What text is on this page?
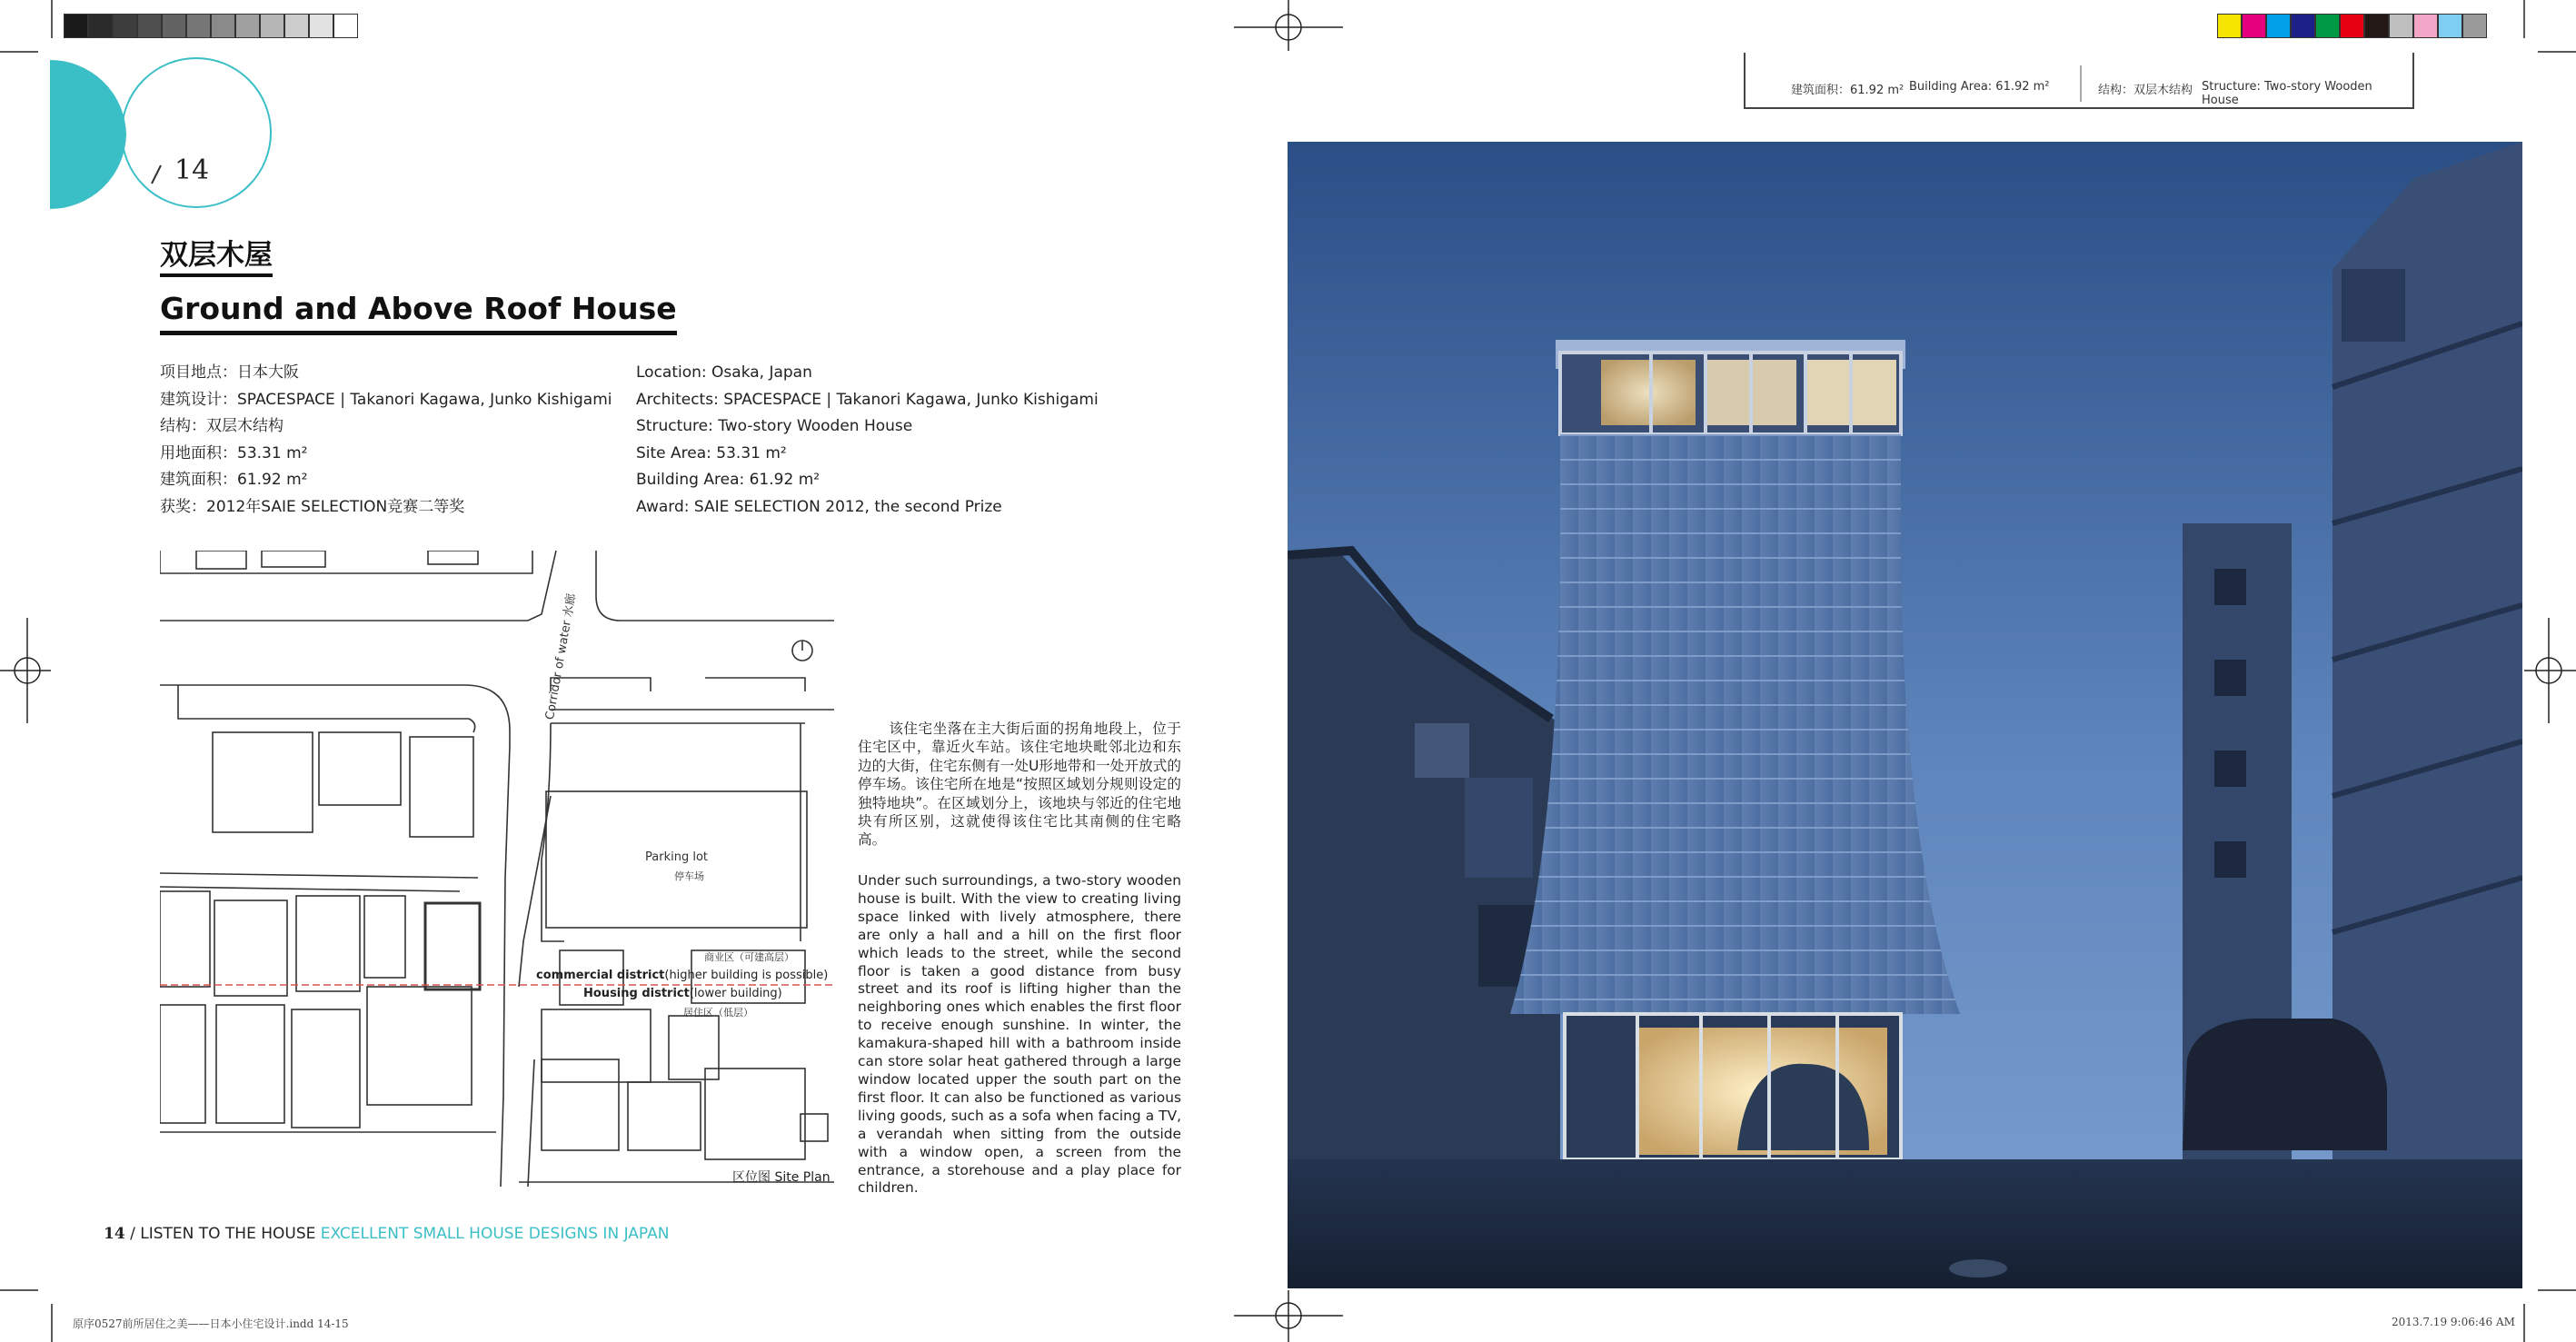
14
双层木屋
Ground and Above Roof House
项目地点：日本大阪	Location: Osaka, Japan
建筑设计：SPACESPACE | Takanori Kagawa, Junko Kishigami	Architects: SPACESPACE | Takanori Kagawa, Junko Kishigami
结构：双层木结构	Structure: Two-story Wooden House
用地面积：53.31 m²	Site Area: 53.31 m²
建筑面积：61.92 m²	Building Area: 61.92 m²
获奖：2012年SAIE SELECTION竞赛二等奖	Award: SAIE SELECTION 2012, the second Prize
Corridor of water 水廊
Parking lot
停车场
商业区（可建高层）
commercial district(higher building is possible)
Housing district(lower building)
居住区（低层）
区位图 Site Plan
该住宅坐落在主大街后面的拐角地段上，位于住宅区中，靠近火车站。该住宅地块毗邻北边和东边的大街，住宅东侧有一处U形地带和一处开放式的停车场。该住宅所在地是“按照区域划分规则设定的独特地块”。在区域划分上，该地块与邻近的住宅地块有所区别，这就使得该住宅比其南侧的住宅略高。
Under such surroundings, a two-story wooden house is built. With the view to creating living space linked with lively atmosphere, there are only a hall and a hill on the first floor which leads to the street, while the second floor is taken a good distance from busy street and its roof is lifting higher than the neighboring ones which enables the first floor to receive enough sunshine. In winter, the kamakura-shaped hill with a bathroom inside can store solar heat gathered through a large window located upper the south part on the first floor. It can also be functioned as various living goods, such as a sofa when facing a TV, a verandah when sitting from the outside with a window open, a screen from the entrance, a storehouse and a play place for children.
14 / LISTEN TO THE HOUSE EXCELLENT SMALL HOUSE DESIGNS IN JAPAN
建筑面积：61.92 m² Building Area: 61.92 m²	结构：双层木结构 Structure: Two-story Wooden House
原序0527前所居住之美——日本小住宅设计.indd 14-15	2013.7.19 9:06:46 AM
